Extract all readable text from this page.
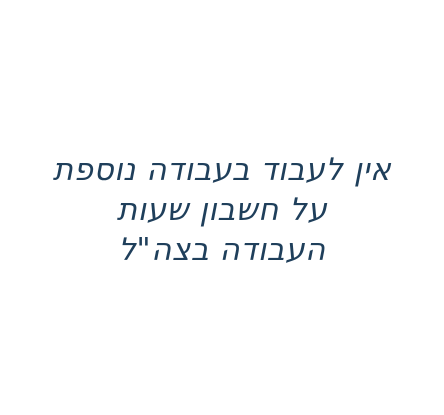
אין לעבוד בעבודה נוספת
על חשבון שעות
העבודה בצה"ל
